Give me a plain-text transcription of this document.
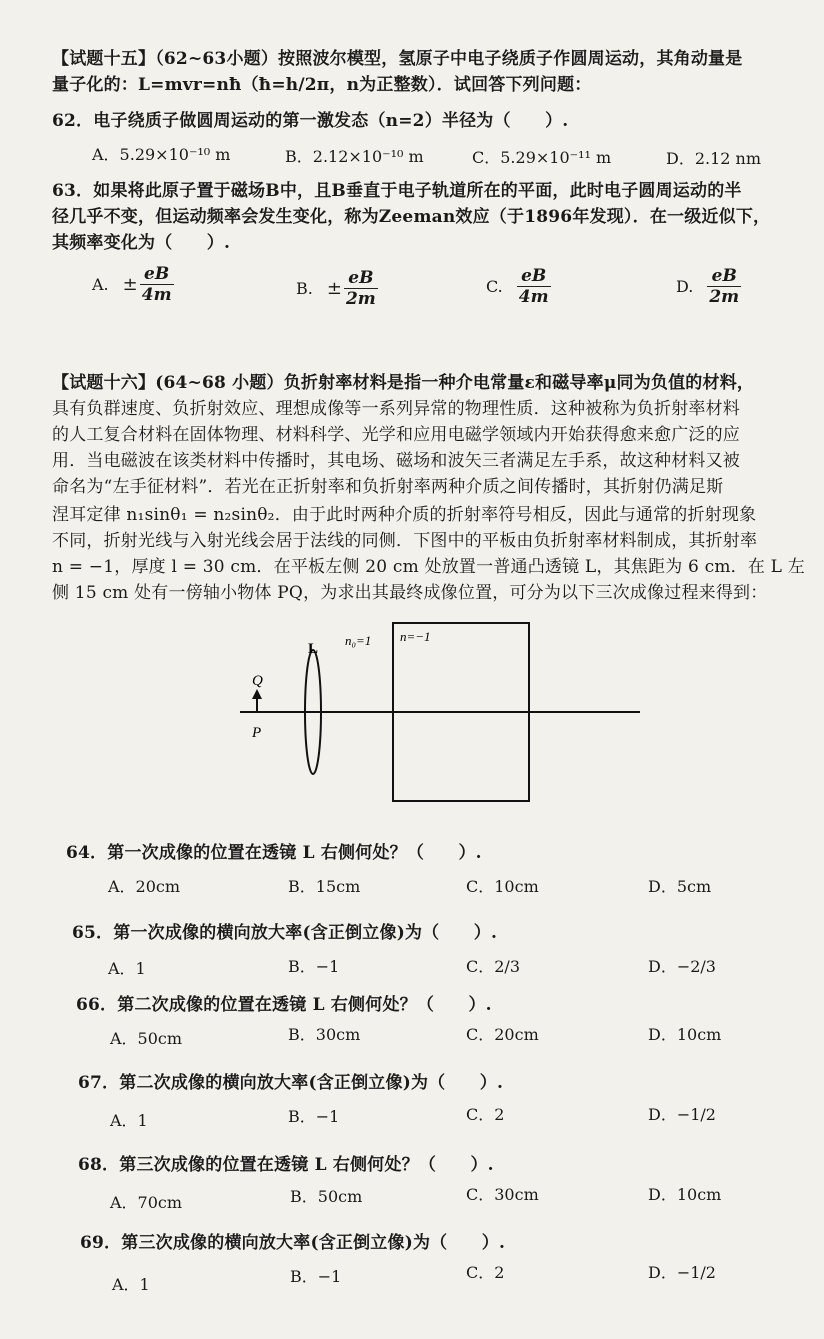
【试题十五】（62~63小题）按照波尔模型，氢原子中电子绕质子作圆周运动，其角动量是
量子化的：L=mvr=nħ（ħ=h/2π，n为正整数）．试回答下列问题：
62．电子绕质子做圆周运动的第一激发态（n=2）半径为（　　）.
A．5.29×10⁻¹⁰ m	B．2.12×10⁻¹⁰ m	C．5.29×10⁻¹¹ m	D．2.12 nm
63．如果将此原子置于磁场B中，且B垂直于电子轨道所在的平面，此时电子圆周运动的半
径几乎不变，但运动频率会发生变化，称为Zeeman效应（于1896年发现）．在一级近似下，
其频率变化为（　　）.
A. ± $\frac{eB}{4m}$	B. ± $\frac{eB}{2m}$	C. $\frac{eB}{4m}$	D. $\frac{eB}{2m}$
【试题十六】(64~68 小题）负折射率材料是指一种介电常量ε和磁导率μ同为负值的材料，
具有负群速度、负折射效应、理想成像等一系列异常的物理性质．这种被称为负折射率材料
的人工复合材料在固体物理、材料科学、光学和应用电磁学领域内开始获得愈来愈广泛的应
用．当电磁波在该类材料中传播时，其电场、磁场和波矢三者满足左手系，故这种材料又被
命名为“左手征材料”．若光在正折射率和负折射率两种介质之间传播时，其折射仍满足斯
涅耳定律 n₁sinθ₁ = n₂sinθ₂．由于此时两种介质的折射率符号相反，因此与通常的折射现象
不同，折射光线与入射光线会居于法线的同侧．下图中的平板由负折射率材料制成，其折射率
n = −1，厚度 l = 30 cm．在平板左侧 20 cm 处放置一普通凸透镜 L，其焦距为 6 cm．在 L 左
侧 15 cm 处有一傍轴小物体 PQ，为求出其最终成像位置，可分为以下三次成像过程来得到：
L
n₀=1 n=−1
Q
P
64．第一次成像的位置在透镜 L 右侧何处？（　　）.
A．20cm	B．15cm	C．10cm	D．5cm
65．第一次成像的横向放大率(含正倒立像)为（　　）.
A．1	B．−1	C．2/3	D．−2/3
66．第二次成像的位置在透镜 L 右侧何处？（　　）.
A．50cm	B．30cm	C．20cm	D．10cm
67．第二次成像的横向放大率(含正倒立像)为（　　）.
A．1	B．−1	C．2	D．−1/2
68．第三次成像的位置在透镜 L 右侧何处？（　　）.
A．70cm	B．50cm	C．30cm	D．10cm
69．第三次成像的横向放大率(含正倒立像)为（　　）.
A．1	B．−1	C．2	D．−1/2
